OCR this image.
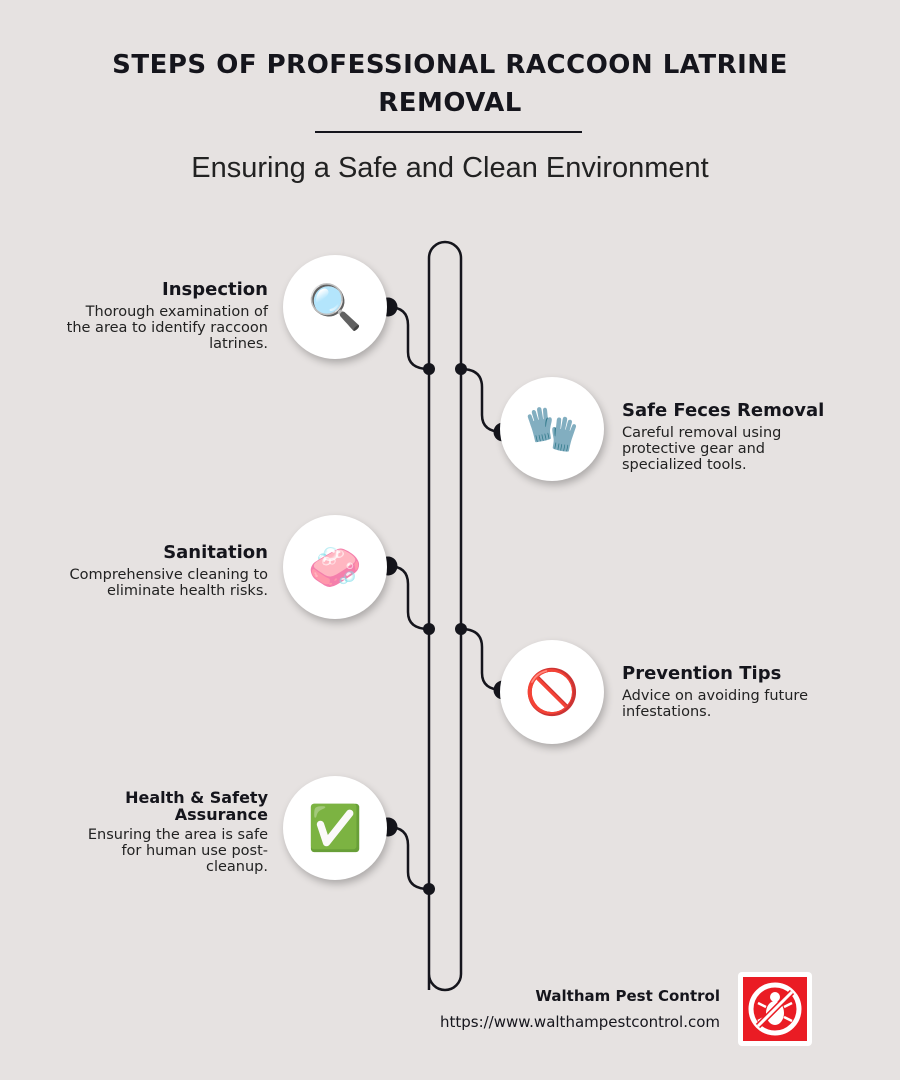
STEPS OF PROFESSIONAL RACCOON LATRINE REMOVAL
Ensuring a Safe and Clean Environment
🔍
🧤
🧼
🚫
✅
Inspection

Thorough examination of the area to identify raccoon latrines.

Safe Feces Removal

Careful removal using protective gear and specialized tools.

Sanitation

Comprehensive cleaning to eliminate health risks.

Prevention Tips

Advice on avoiding future infestations.

Health & Safety Assurance

Ensuring the area is safe for human use post-cleanup.

Waltham Pest Control
https://www.walthampestcontrol.com
